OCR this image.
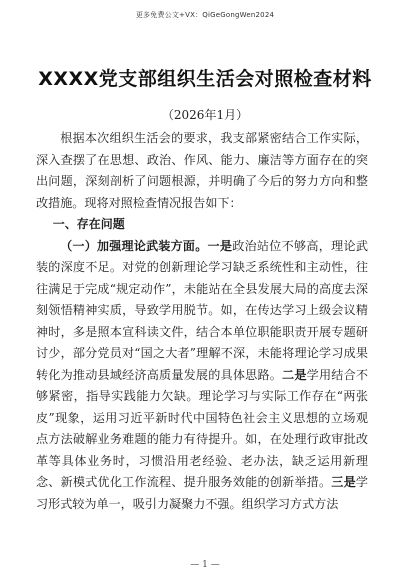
更多免费公文+VX：QiGeGongWen2024
XXXX党支部组织生活会对照检查材料
（2026年1月）

根据本次组织生活会的要求，我支部紧密结合工作实际，深入查摆了在思想、政治、作风、能力、廉洁等方面存在的突出问题，深刻剖析了问题根源，并明确了今后的努力方向和整改措施。现将对照检查情况报告如下：

一、存在问题

（一）加强理论武装方面。一是政治站位不够高，理论武装的深度不足。对党的创新理论学习缺乏系统性和主动性，往往满足于完成“规定动作”，未能站在全县发展大局的高度去深刻领悟精神实质，导致学用脱节。如，在传达学习上级会议精神时，多是照本宣科读文件，结合本单位职能职责开展专题研讨少，部分党员对“国之大者”理解不深，未能将理论学习成果转化为推动县域经济高质量发展的具体思路。二是学用结合不够紧密，指导实践能力欠缺。理论学习与实际工作存在“两张皮”现象，运用习近平新时代中国特色社会主义思想的立场观点方法破解业务难题的能力有待提升。如，在处理行政审批改革等具体业务时，习惯沿用老经验、老办法，缺乏运用新理念、新模式优化工作流程、提升服务效能的创新举措。三是学习形式较为单一，吸引力凝聚力不强。组织学习方式方法

— 1 —
